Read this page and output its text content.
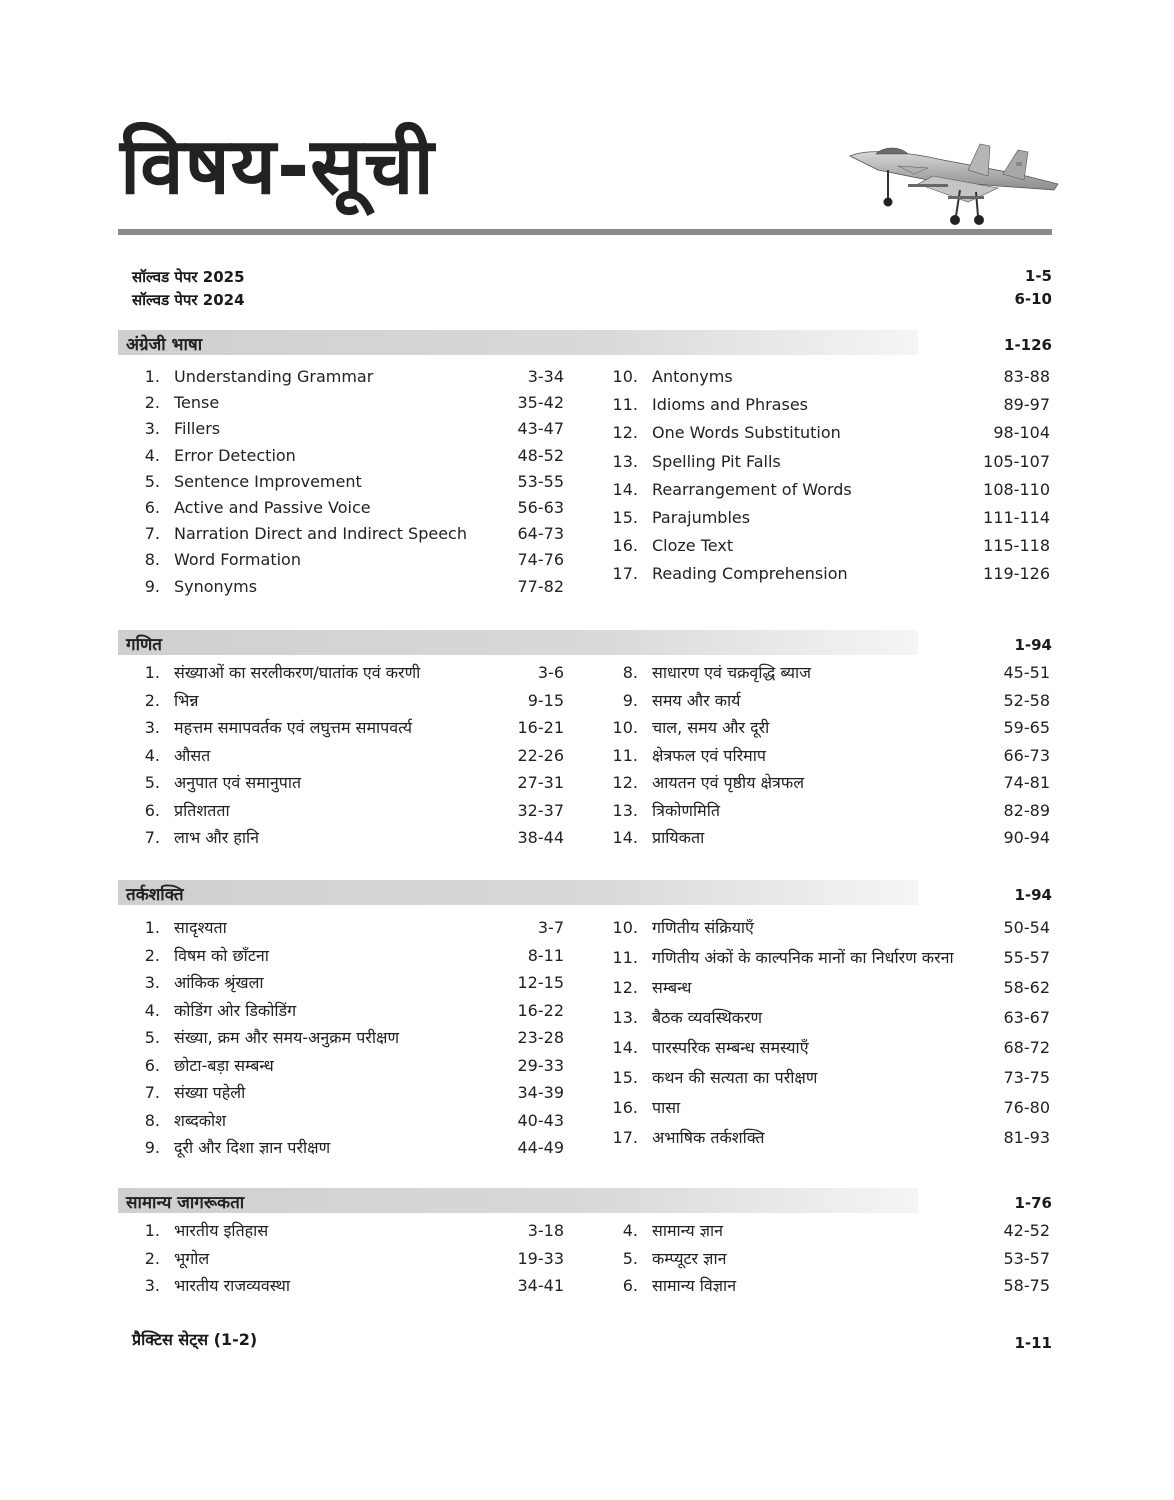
विषय-सूची
सॉल्वड पेपर 2025	1-5
सॉल्वड पेपर 2024	6-10
अंग्रेजी भाषा	1-126
1. Understanding Grammar	3-34
2. Tense	35-42
3. Fillers	43-47
4. Error Detection	48-52
5. Sentence Improvement	53-55
6. Active and Passive Voice	56-63
7. Narration Direct and Indirect Speech	64-73
8. Word Formation	74-76
9. Synonyms	77-82
10. Antonyms	83-88
11. Idioms and Phrases	89-97
12. One Words Substitution	98-104
13. Spelling Pit Falls	105-107
14. Rearrangement of Words	108-110
15. Parajumbles	111-114
16. Cloze Text	115-118
17. Reading Comprehension	119-126
गणित	1-94
1. संख्याओं का सरलीकरण/घातांक एवं करणी	3-6
2. भिन्न	9-15
3. महत्तम समापवर्तक एवं लघुत्तम समापवर्त्य	16-21
4. औसत	22-26
5. अनुपात एवं समानुपात	27-31
6. प्रतिशतता	32-37
7. लाभ और हानि	38-44
8. साधारण एवं चक्रवृद्धि ब्याज	45-51
9. समय और कार्य	52-58
10. चाल, समय और दूरी	59-65
11. क्षेत्रफल एवं परिमाप	66-73
12. आयतन एवं पृष्ठीय क्षेत्रफल	74-81
13. त्रिकोणमिति	82-89
14. प्रायिकता	90-94
तर्कशक्ति	1-94
1. सादृश्यता	3-7
2. विषम को छाँटना	8-11
3. आंकिक श्रृंखला	12-15
4. कोडिंग ओर डिकोडिंग	16-22
5. संख्या, क्रम और समय-अनुक्रम परीक्षण	23-28
6. छोटा-बड़ा सम्बन्ध	29-33
7. संख्या पहेली	34-39
8. शब्दकोश	40-43
9. दूरी और दिशा ज्ञान परीक्षण	44-49
10. गणितीय संक्रियाएँ	50-54
11. गणितीय अंकों के काल्पनिक मानों का निर्धारण करना	55-57
12. सम्बन्ध	58-62
13. बैठक व्यवस्थिकरण	63-67
14. पारस्परिक सम्बन्ध समस्याएँ	68-72
15. कथन की सत्यता का परीक्षण	73-75
16. पासा	76-80
17. अभाषिक तर्कशक्ति	81-93
सामान्य जागरूकता	1-76
1. भारतीय इतिहास	3-18
2. भूगोल	19-33
3. भारतीय राजव्यवस्था	34-41
4. सामान्य ज्ञान	42-52
5. कम्प्यूटर ज्ञान	53-57
6. सामान्य विज्ञान	58-75
प्रैक्टिस सेट्स (1-2)	1-11
